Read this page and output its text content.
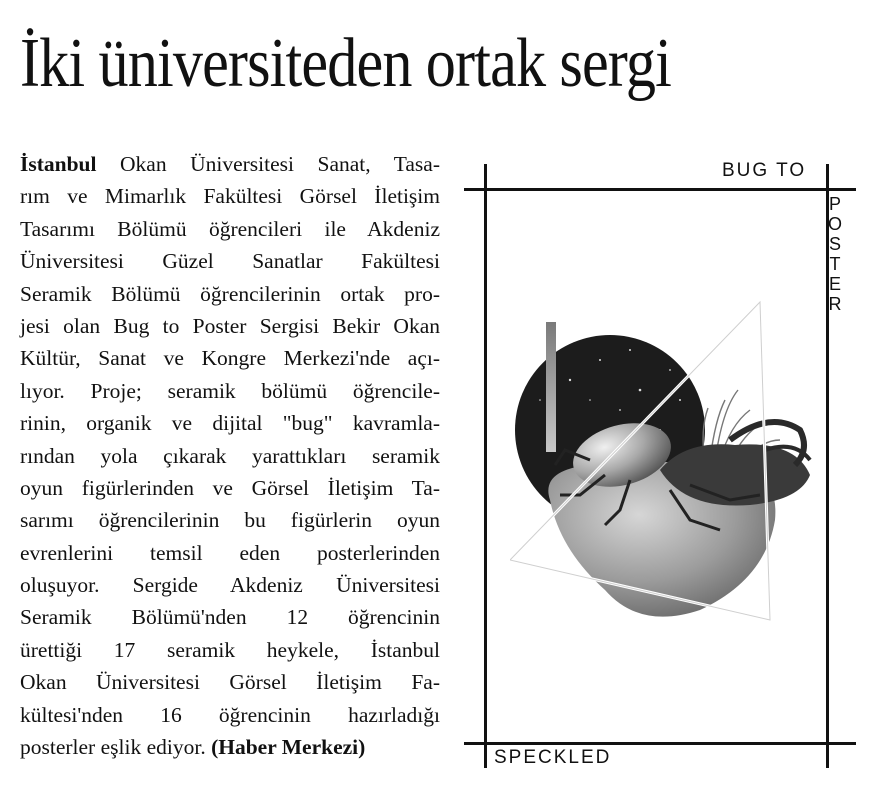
İki üniversiteden ortak sergi
İstanbul Okan Üniversitesi Sanat, Tasa-
rım ve Mimarlık Fakültesi Görsel İletişim
Tasarımı Bölümü öğrencileri ile Akdeniz
Üniversitesi Güzel Sanatlar Fakültesi
Seramik Bölümü öğrencilerinin ortak pro-
jesi olan Bug to Poster Sergisi Bekir Okan
Kültür, Sanat ve Kongre Merkezi'nde açı-
lıyor. Proje; seramik bölümü öğrencile-
rinin, organik ve dijital "bug" kavramla-
rından yola çıkarak yarattıkları seramik
oyun figürlerinden ve Görsel İletişim Ta-
sarımı öğrencilerinin bu figürlerin oyun
evrenlerini temsil eden posterlerinden
oluşuyor. Sergide Akdeniz Üniversitesi
Seramik Bölümü'nden 12 öğrencinin
ürettiği 17 seramik heykele, İstanbul
Okan Üniversitesi Görsel İletişim Fa-
kültesi'nden 16 öğrencinin hazırladığı
posterler eşlik ediyor. (Haber Merkezi)
BUG TO
POSTER
SPECKLED
